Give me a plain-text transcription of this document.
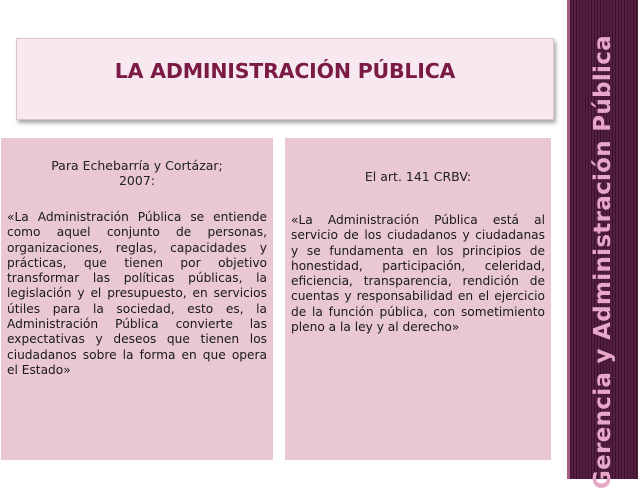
LA ADMINISTRACIÓN PÚBLICA
Para Echebarría y Cortázar;
2007:
«La Administración Pública se entiende como aquel conjunto de personas, organizaciones, reglas, capacidades y prácticas, que tienen por objetivo transformar las políticas públicas, la legislación y el presupuesto, en servicios útiles para la sociedad, esto es, la Administración Pública convierte las expectativas y deseos que tienen los ciudadanos sobre la forma en que opera el Estado»
El art. 141 CRBV:
«La Administración Pública está al servicio de los ciudadanos y ciudadanas y se fundamenta en los principios de honestidad, participación, celeridad, eficiencia, transparencia, rendición de cuentas y responsabilidad en el ejercicio de la función pública, con sometimiento pleno a la ley y al derecho»	Gerencia y Administración Pública
